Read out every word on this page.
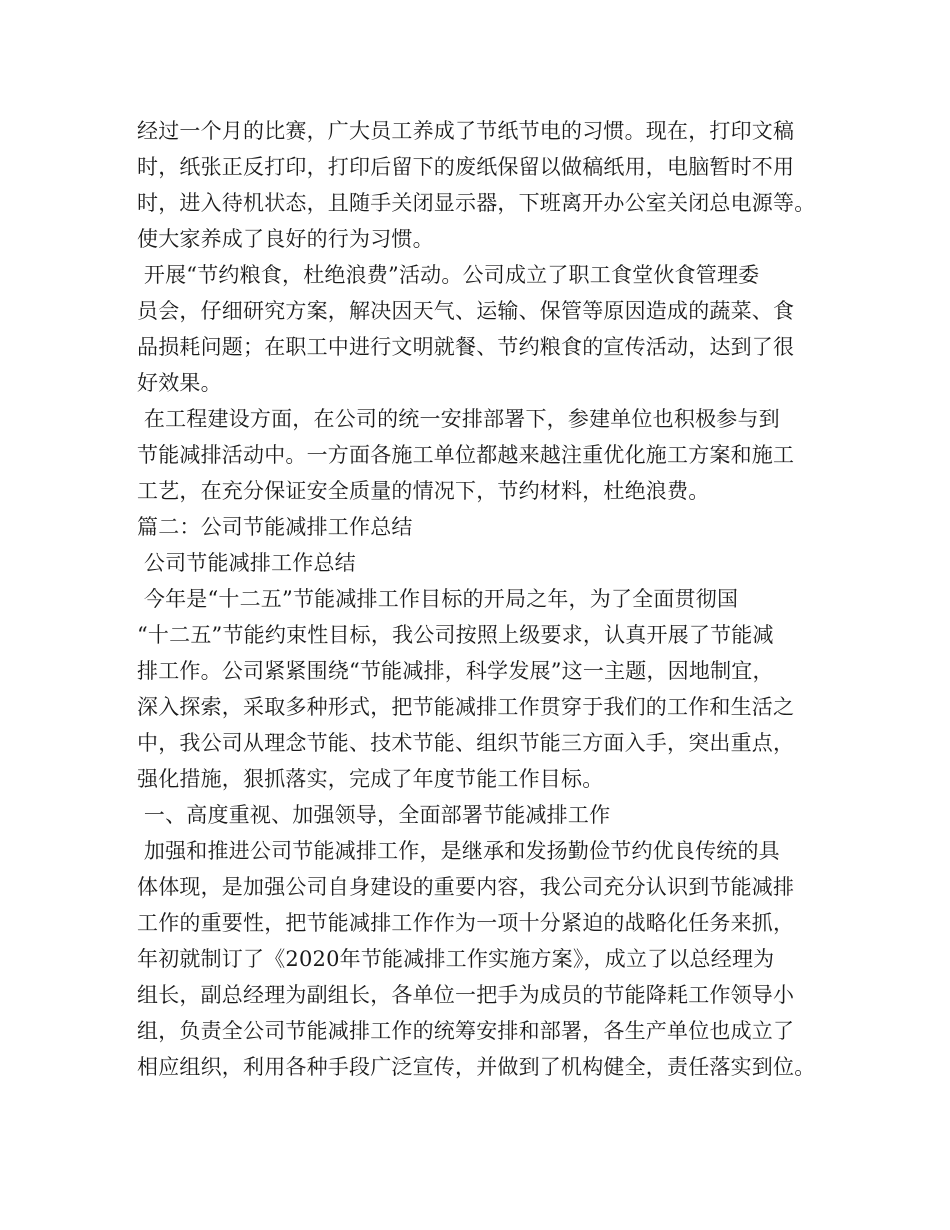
经过一个月的比赛，广大员工养成了节纸节电的习惯。现在，打印文稿
时，纸张正反打印，打印后留下的废纸保留以做稿纸用，电脑暂时不用
时，进入待机状态，且随手关闭显示器，下班离开办公室关闭总电源等。
使大家养成了良好的行为习惯。
开展“节约粮食，杜绝浪费”活动。公司成立了职工食堂伙食管理委
员会，仔细研究方案，解决因天气、运输、保管等原因造成的蔬菜、食
品损耗问题；在职工中进行文明就餐、节约粮食的宣传活动，达到了很
好效果。
在工程建设方面，在公司的统一安排部署下，参建单位也积极参与到
节能减排活动中。一方面各施工单位都越来越注重优化施工方案和施工
工艺，在充分保证安全质量的情况下，节约材料，杜绝浪费。
篇二：公司节能减排工作总结
公司节能减排工作总结
今年是“十二五”节能减排工作目标的开局之年，为了全面贯彻国
“十二五”节能约束性目标，我公司按照上级要求，认真开展了节能减
排工作。公司紧紧围绕“节能减排，科学发展”这一主题，因地制宜，
深入探索，采取多种形式，把节能减排工作贯穿于我们的工作和生活之
中，我公司从理念节能、技术节能、组织节能三方面入手，突出重点，
强化措施，狠抓落实，完成了年度节能工作目标。
一、高度重视、加强领导，全面部署节能减排工作
加强和推进公司节能减排工作，是继承和发扬勤俭节约优良传统的具
体体现，是加强公司自身建设的重要内容，我公司充分认识到节能减排
工作的重要性，把节能减排工作作为一项十分紧迫的战略化任务来抓，
年初就制订了《2020年节能减排工作实施方案》，成立了以总经理为
组长，副总经理为副组长，各单位一把手为成员的节能降耗工作领导小
组，负责全公司节能减排工作的统筹安排和部署，各生产单位也成立了
相应组织，利用各种手段广泛宣传，并做到了机构健全，责任落实到位。
